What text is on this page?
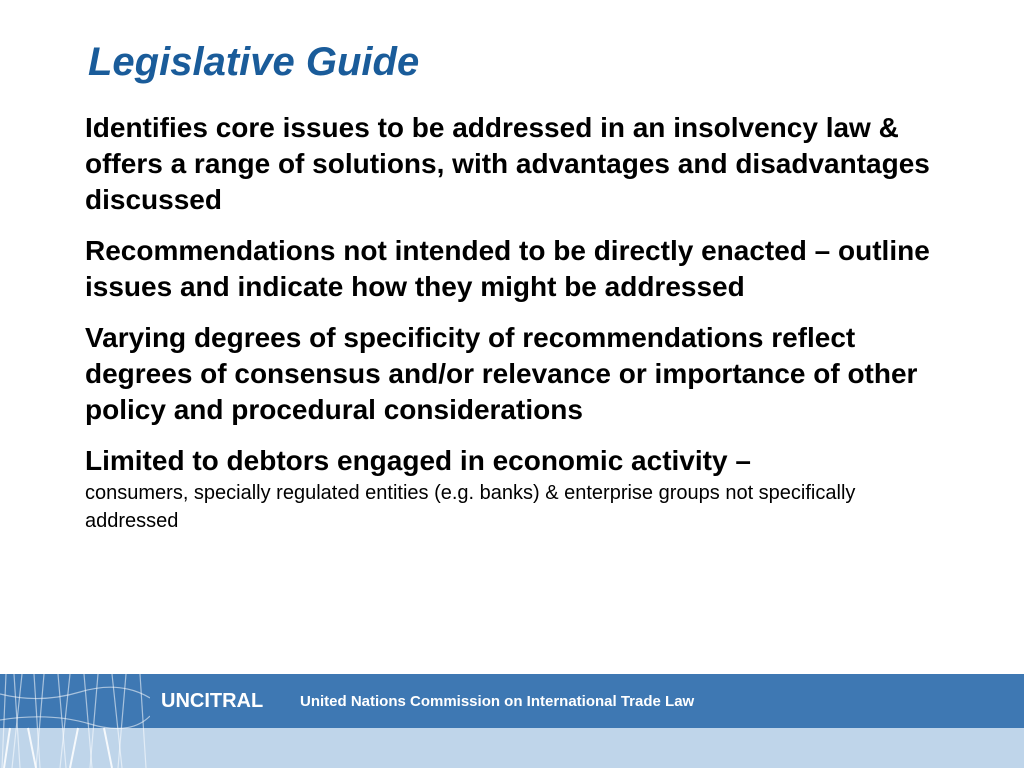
Legislative Guide

Identifies core issues to be addressed in an insolvency law & offers a range of solutions, with advantages and disadvantages discussed

Recommendations not intended to be directly enacted – outline issues and indicate how they might be addressed

Varying degrees of specificity of recommendations reflect degrees of consensus and/or relevance or importance of other policy and procedural considerations

Limited to debtors engaged in economic activity –
consumers, specially regulated entities (e.g. banks) & enterprise groups not specifically addressed

UNCITRAL United Nations Commission on International Trade Law
